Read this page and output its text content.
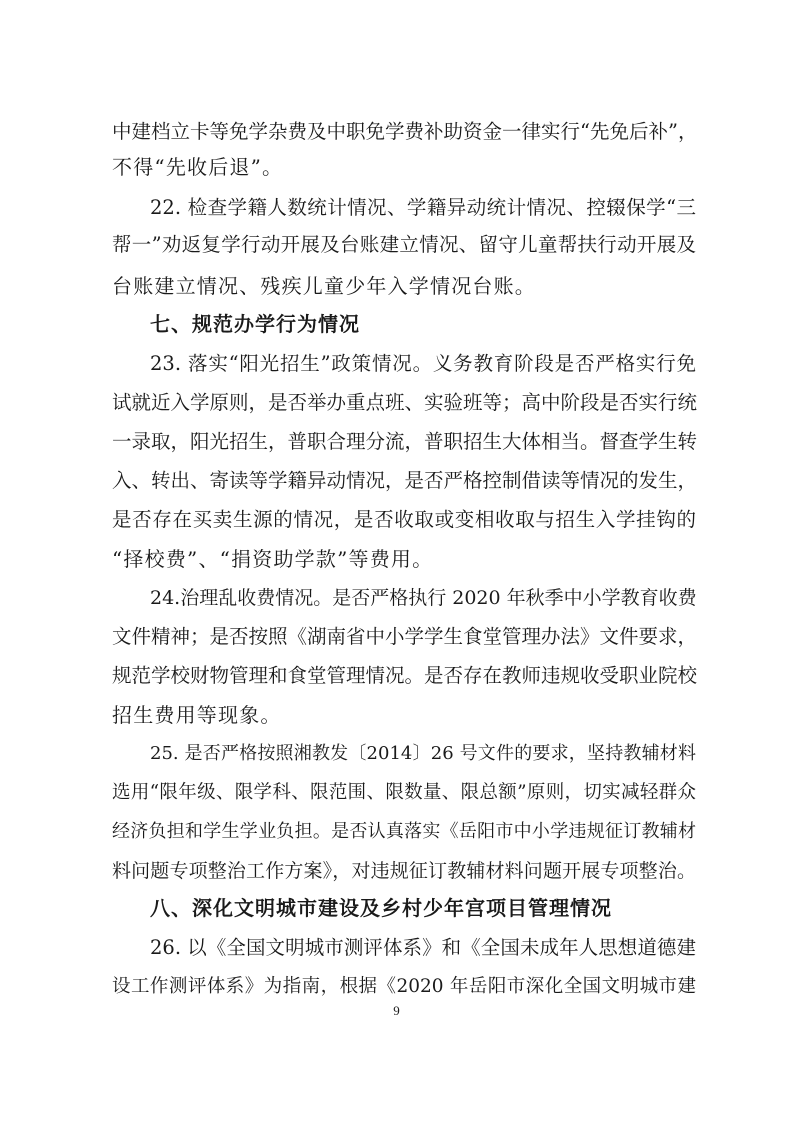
中建档立卡等免学杂费及中职免学费补助资金一律实行“先免后补”，
不得“先收后退”。
22. 检查学籍人数统计情况、学籍异动统计情况、控辍保学“三
帮一”劝返复学行动开展及台账建立情况、留守儿童帮扶行动开展及
台账建立情况、残疾儿童少年入学情况台账。
七、规范办学行为情况
23. 落实“阳光招生”政策情况。义务教育阶段是否严格实行免
试就近入学原则，是否举办重点班、实验班等；高中阶段是否实行统
一录取，阳光招生，普职合理分流，普职招生大体相当。督查学生转
入、转出、寄读等学籍异动情况，是否严格控制借读等情况的发生，
是否存在买卖生源的情况，是否收取或变相收取与招生入学挂钩的
“择校费”、“捐资助学款”等费用。
24.治理乱收费情况。是否严格执行 2020 年秋季中小学教育收费
文件精神；是否按照《湖南省中小学学生食堂管理办法》文件要求，
规范学校财物管理和食堂管理情况。是否存在教师违规收受职业院校
招生费用等现象。
25. 是否严格按照湘教发〔2014〕26 号文件的要求，坚持教辅材料
选用“限年级、限学科、限范围、限数量、限总额”原则，切实减轻群众
经济负担和学生学业负担。是否认真落实《岳阳市中小学违规征订教辅材
料问题专项整治工作方案》，对违规征订教辅材料问题开展专项整治。
八、深化文明城市建设及乡村少年宫项目管理情况
26. 以《全国文明城市测评体系》和《全国未成年人思想道德建
设工作测评体系》为指南，根据《2020 年岳阳市深化全国文明城市建
9
